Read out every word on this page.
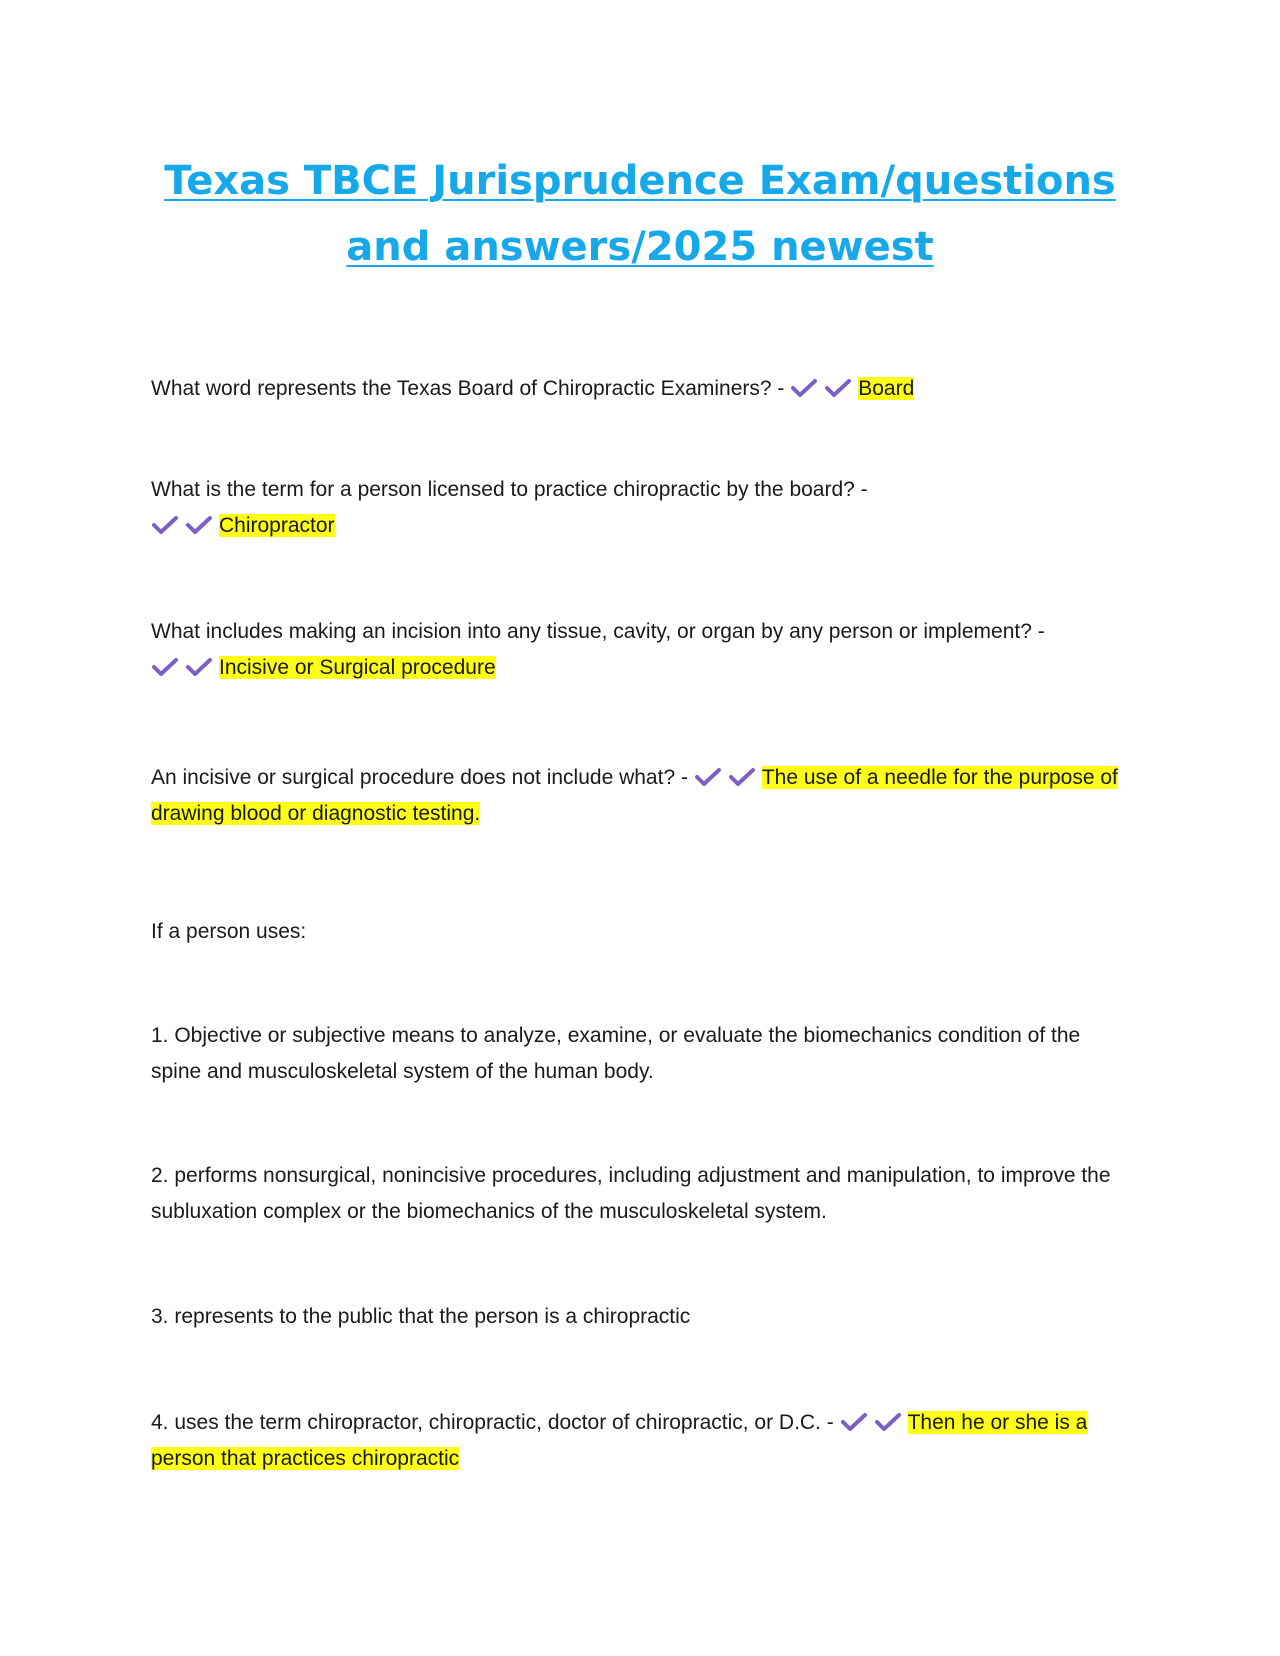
Texas TBCE Jurisprudence Exam/questions and answers/2025 newest

What word represents the Texas Board of Chiropractic Examiners? -	Board

What is the term for a person licensed to practice chiropractic by the board? -

Chiropractor

What includes making an incision into any tissue, cavity, or organ by any person or implement? -

Incisive or Surgical procedure

An incisive or surgical procedure does not include what? -	The use of a needle for the purpose of drawing blood or diagnostic testing.

If a person uses:

1. Objective or subjective means to analyze, examine, or evaluate the biomechanics condition of the spine and musculoskeletal system of the human body.

2. performs nonsurgical, nonincisive procedures, including adjustment and manipulation, to improve the subluxation complex or the biomechanics of the musculoskeletal system.

3. represents to the public that the person is a chiropractic

4. uses the term chiropractor, chiropractic, doctor of chiropractic, or D.C. -	Then he or she is a person that practices chiropractic
